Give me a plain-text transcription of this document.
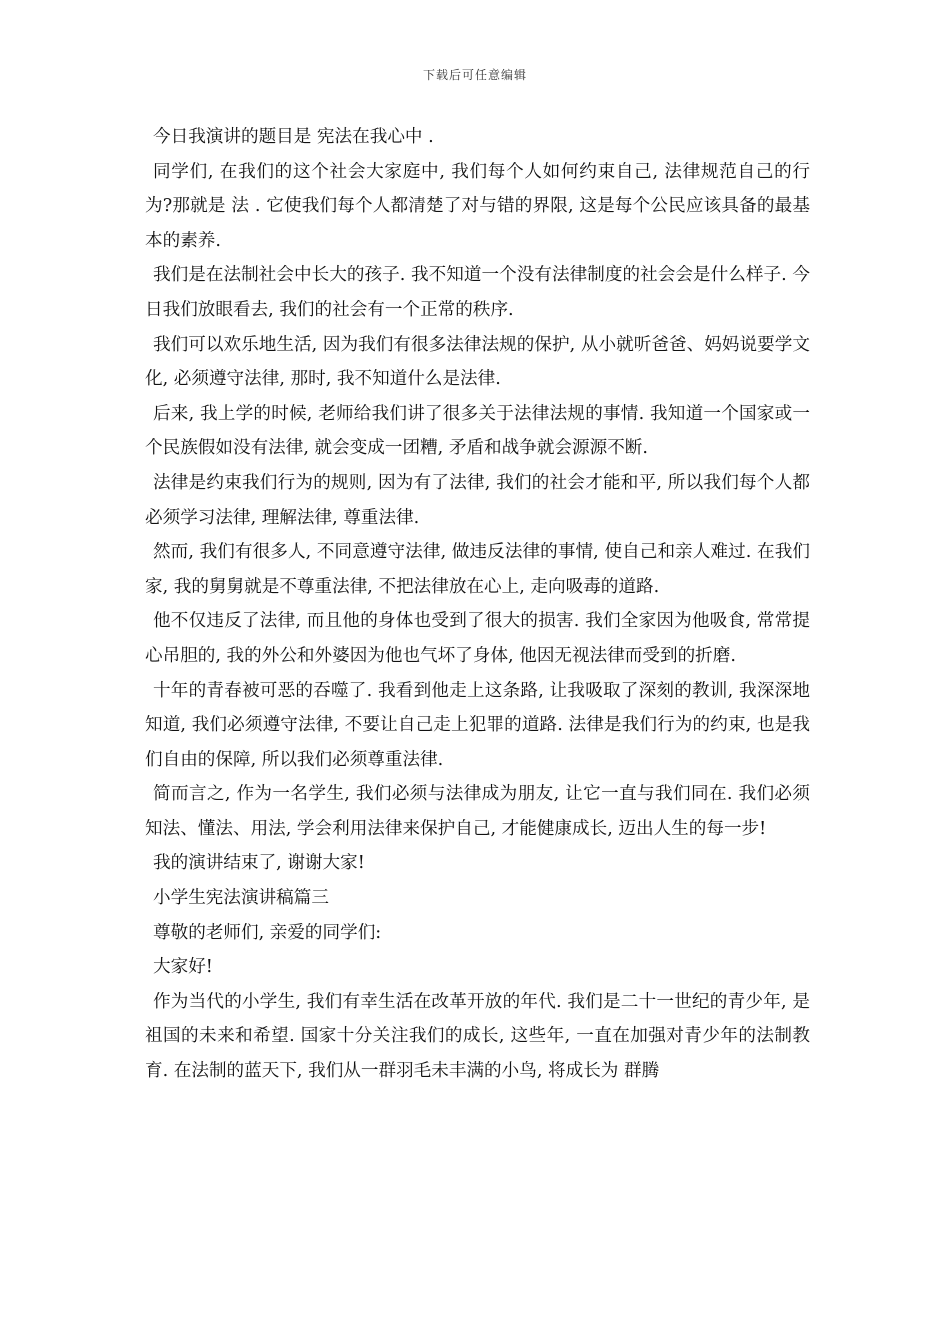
下载后可任意编辑

今日我演讲的题目是 宪法在我心中 .

同学们, 在我们的这个社会大家庭中, 我们每个人如何约束自己, 法律规范自己的行为?那就是 法 . 它使我们每个人都清楚了对与错的界限, 这是每个公民应该具备的最基本的素养.

我们是在法制社会中长大的孩子. 我不知道一个没有法律制度的社会会是什么样子. 今日我们放眼看去, 我们的社会有一个正常的秩序.

我们可以欢乐地生活, 因为我们有很多法律法规的保护, 从小就听爸爸、妈妈说要学文化, 必须遵守法律, 那时, 我不知道什么是法律.

后来, 我上学的时候, 老师给我们讲了很多关于法律法规的事情. 我知道一个国家或一个民族假如没有法律, 就会变成一团糟, 矛盾和战争就会源源不断.

法律是约束我们行为的规则, 因为有了法律, 我们的社会才能和平, 所以我们每个人都必须学习法律, 理解法律, 尊重法律.

然而, 我们有很多人, 不同意遵守法律, 做违反法律的事情, 使自己和亲人难过. 在我们家, 我的舅舅就是不尊重法律, 不把法律放在心上, 走向吸毒的道路.

他不仅违反了法律, 而且他的身体也受到了很大的损害. 我们全家因为他吸食, 常常提心吊胆的, 我的外公和外婆因为他也气坏了身体, 他因无视法律而受到的折磨.

十年的青春被可恶的吞噬了. 我看到他走上这条路, 让我吸取了深刻的教训, 我深深地知道, 我们必须遵守法律, 不要让自己走上犯罪的道路. 法律是我们行为的约束, 也是我们自由的保障, 所以我们必须尊重法律.

简而言之, 作为一名学生, 我们必须与法律成为朋友, 让它一直与我们同在. 我们必须知法、懂法、用法, 学会利用法律来保护自己, 才能健康成长, 迈出人生的每一步!

我的演讲结束了, 谢谢大家!

小学生宪法演讲稿篇三

尊敬的老师们, 亲爱的同学们:

大家好!

作为当代的小学生, 我们有幸生活在改革开放的年代. 我们是二十一世纪的青少年, 是祖国的未来和希望. 国家十分关注我们的成长, 这些年, 一直在加强对青少年的法制教育. 在法制的蓝天下, 我们从一群羽毛未丰满的小鸟, 将成长为 群腾
